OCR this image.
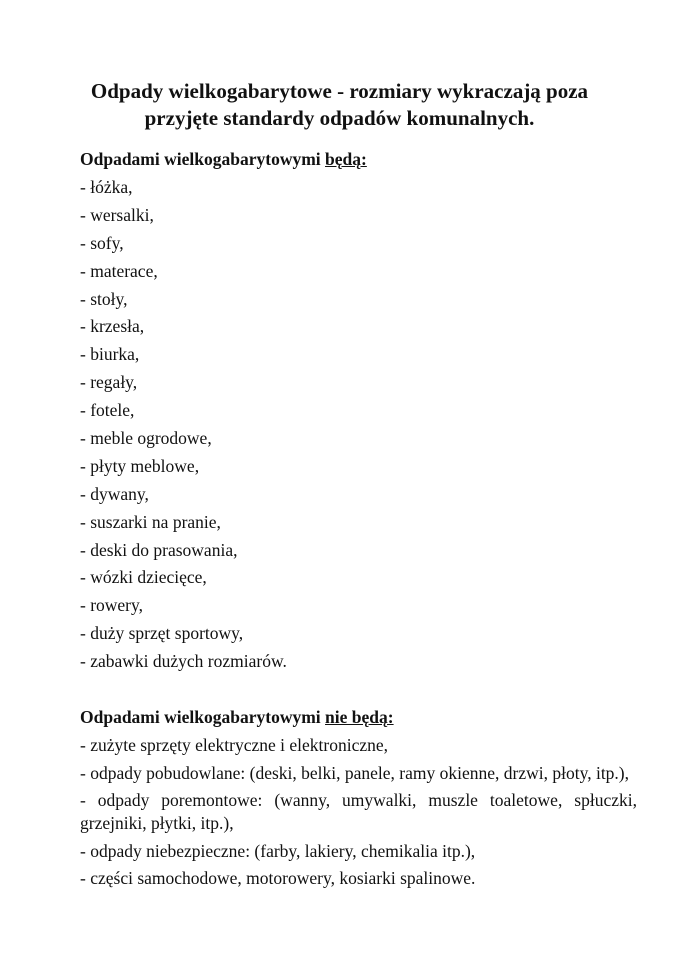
Odpady wielkogabarytowe - rozmiary wykraczają poza
przyjęte standardy odpadów komunalnych.
Odpadami wielkogabarytowymi będą:
- łóżka,
- wersalki,
- sofy,
- materace,
- stoły,
- krzesła,
- biurka,
- regały,
- fotele,
- meble ogrodowe,
- płyty meblowe,
- dywany,
- suszarki na pranie,
- deski do prasowania,
- wózki dziecięce,
- rowery,
- duży sprzęt sportowy,
- zabawki dużych rozmiarów.
Odpadami wielkogabarytowymi nie będą:
- zużyte sprzęty elektryczne i elektroniczne,
- odpady pobudowlane: (deski, belki, panele, ramy okienne, drzwi, płoty, itp.),
- odpady poremontowe: (wanny, umywalki, muszle toaletowe, spłuczki, grzejniki, płytki, itp.),
- odpady niebezpieczne: (farby, lakiery, chemikalia itp.),
- części samochodowe, motorowery, kosiarki spalinowe.
